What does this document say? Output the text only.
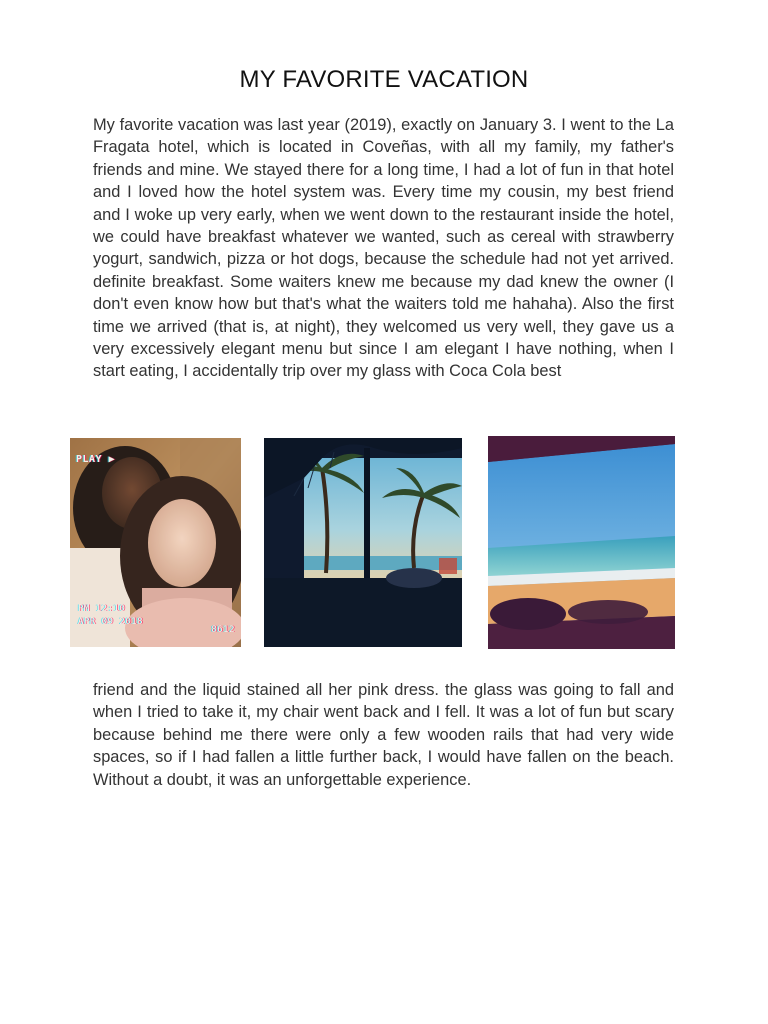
MY FAVORITE VACATION

My favorite vacation was last year (2019), exactly on January 3. I went to the La Fragata hotel, which is located in Coveñas, with all my family, my father's friends and mine. We stayed there for a long time, I had a lot of fun in that hotel and I loved how the hotel system was. Every time my cousin, my best friend and I woke up very early, when we went down to the restaurant inside the hotel, we could have breakfast whatever we wanted, such as cereal with strawberry yogurt, sandwich, pizza or hot dogs, because the schedule had not yet arrived. definite breakfast. Some waiters knew me because my dad knew the owner (I don't even know how but that's what the waiters told me hahaha). Also the first time we arrived (that is, at night), they welcomed us very well, they gave us a very excessively elegant menu but since I am elegant I have nothing, when I start eating, I accidentally trip over my glass with Coca Cola best

PLAY ▶
PM 12:10
APR 09 2018
8612

friend and the liquid stained all her pink dress. the glass was going to fall and when I tried to take it, my chair went back and I fell. It was a lot of fun but scary because behind me there were only a few wooden rails that had very wide spaces, so if I had fallen a little further back, I would have fallen on the beach. Without a doubt, it was an unforgettable experience.
